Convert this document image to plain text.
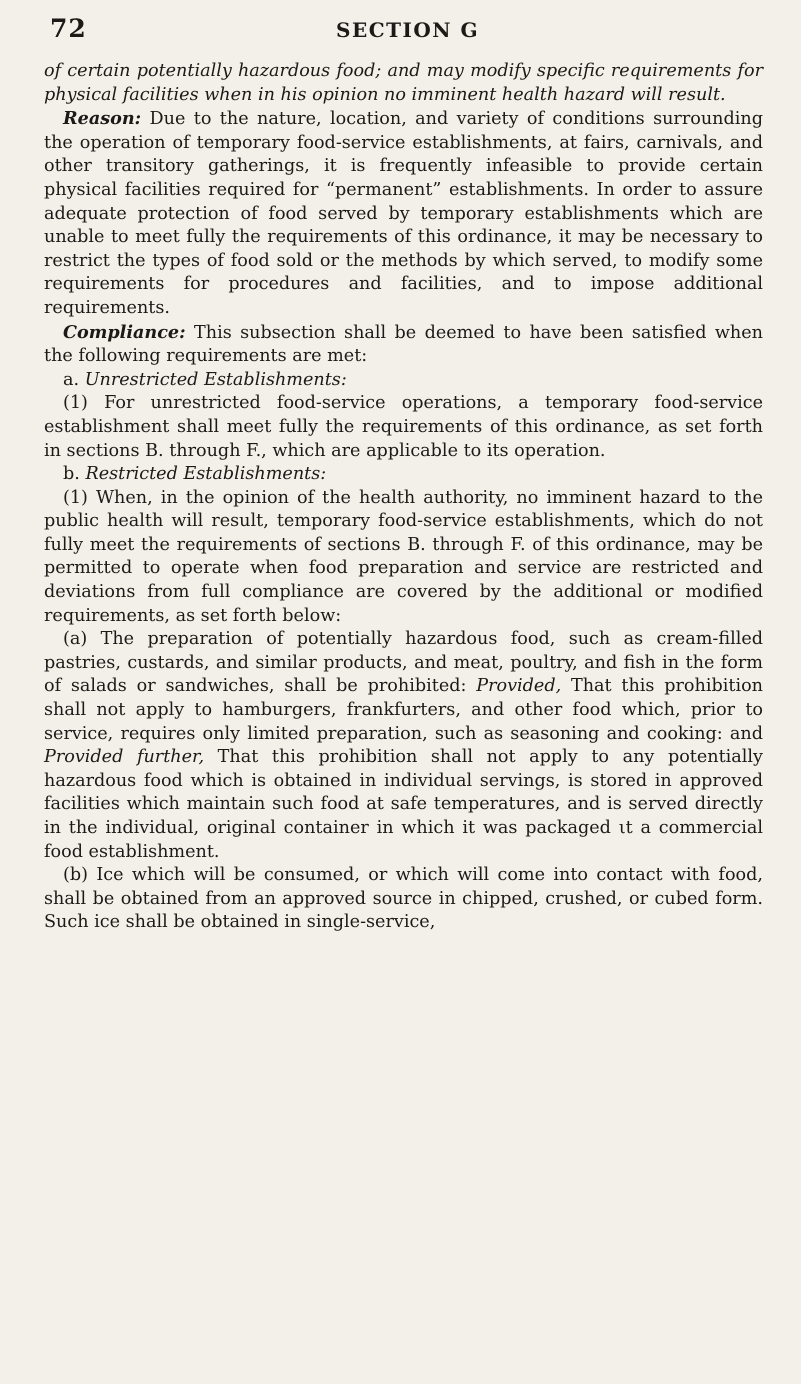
72	SECTION G

of certain potentially hazardous food; and may modify specific requirements for physical facilities when in his opinion no imminent health hazard will result.

Reason: Due to the nature, location, and variety of conditions surrounding the operation of temporary food-service establishments, at fairs, carnivals, and other transitory gatherings, it is frequently infeasible to provide certain physical facilities required for “permanent” establishments. In order to assure adequate protection of food served by temporary establishments which are unable to meet fully the requirements of this ordinance, it may be necessary to restrict the types of food sold or the methods by which served, to modify some requirements for procedures and facilities, and to impose additional requirements.

Compliance: This subsection shall be deemed to have been satisfied when the following requirements are met:

a. Unrestricted Establishments:

(1) For unrestricted food-service operations, a temporary food-service establishment shall meet fully the requirements of this ordinance, as set forth in sections B. through F., which are applicable to its operation.

b. Restricted Establishments:

(1) When, in the opinion of the health authority, no imminent hazard to the public health will result, temporary food-service establishments, which do not fully meet the requirements of sections B. through F. of this ordinance, may be permitted to operate when food preparation and service are restricted and deviations from full compliance are covered by the additional or modified requirements, as set forth below:

(a) The preparation of potentially hazardous food, such as cream-filled pastries, custards, and similar products, and meat, poultry, and fish in the form of salads or sandwiches, shall be prohibited: Provided, That this prohibition shall not apply to hamburgers, frankfurters, and other food which, prior to service, requires only limited preparation, such as seasoning and cooking: and Provided further, That this prohibition shall not apply to any potentially hazardous food which is obtained in individual servings, is stored in approved facilities which maintain such food at safe temperatures, and is served directly in the individual, original container in which it was packaged ιt a commercial food establishment.

(b) Ice which will be consumed, or which will come into contact with food, shall be obtained from an approved source in chipped, crushed, or cubed form. Such ice shall be obtained in single-service,
